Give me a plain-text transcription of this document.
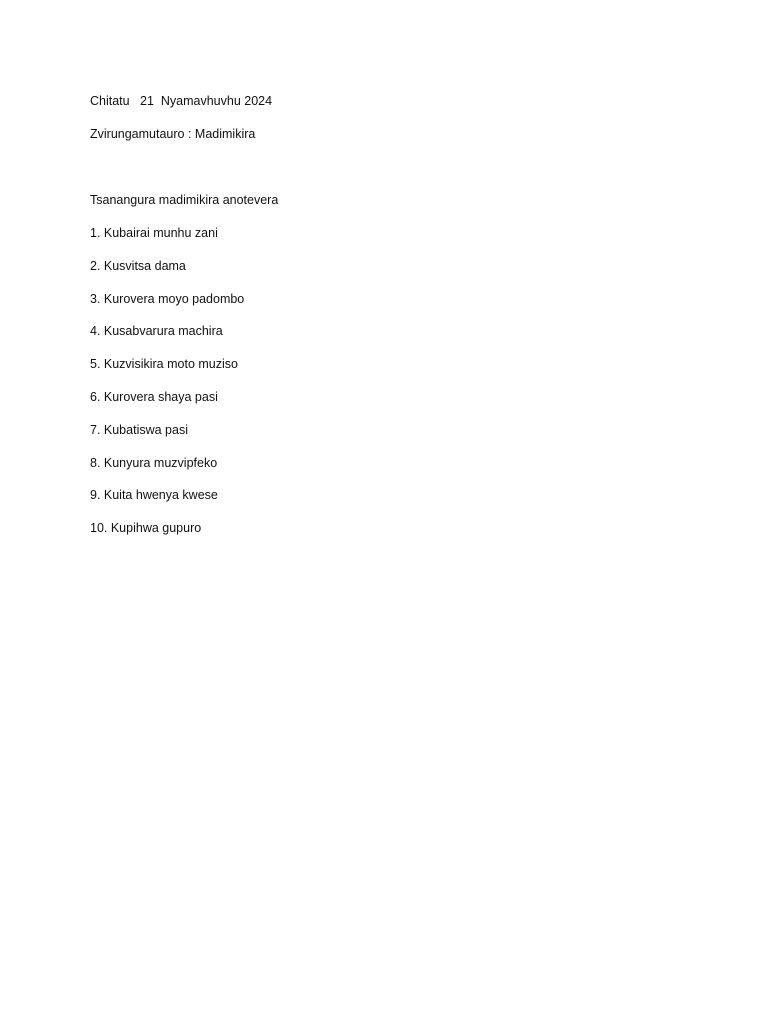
Chitatu   21  Nyamavhuvhu 2024

Zvirungamutauro : Madimikira

Tsanangura madimikira anotevera

1. Kubairai munhu zani
2. Kusvitsa dama
3. Kurovera moyo padombo
4. Kusabvarura machira
5. Kuzvisikira moto muziso
6. Kurovera shaya pasi
7. Kubatiswa pasi
8. Kunyura muzvipfeko
9. Kuita hwenya kwese
10. Kupihwa gupuro
